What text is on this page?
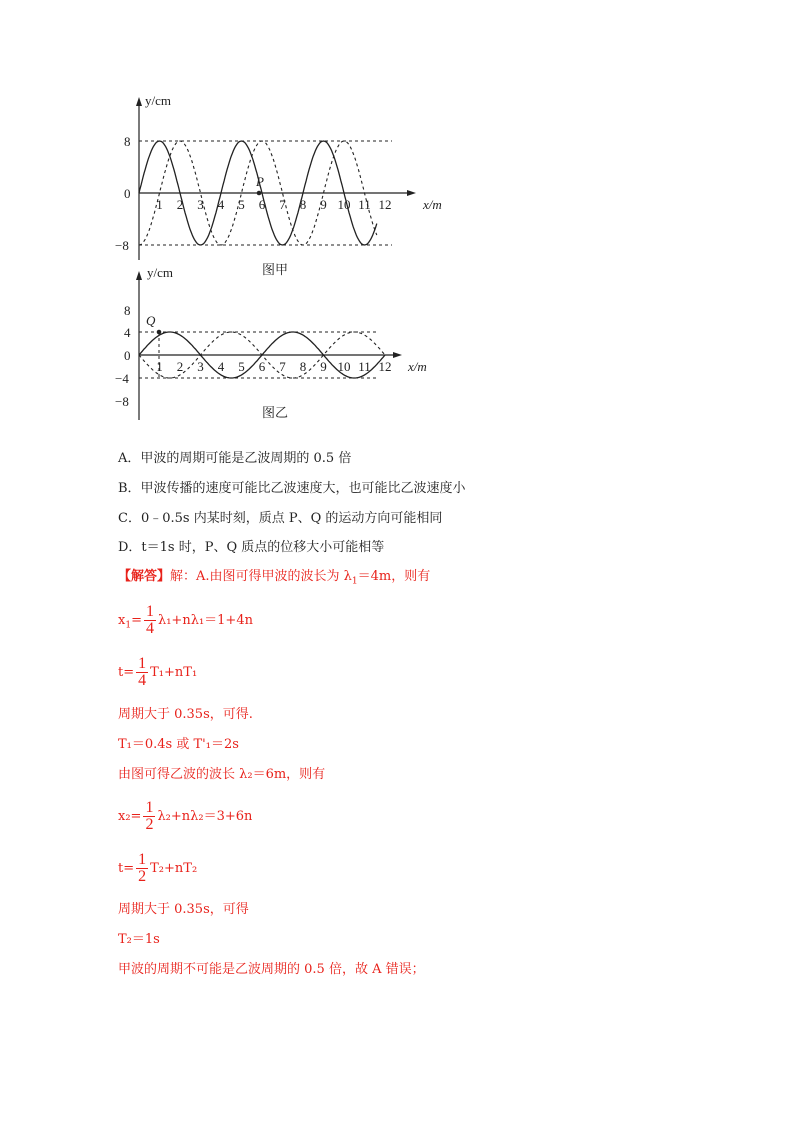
P
y/cm
x/m
8
0
−8
1 2 3 4 5 6 7 8 9 10 11 12
图甲
Q
y/cm
x/m
8
4
0
−4
−8
1 2 3 4 5 6 7 8 9 10 11 12
图乙
A．甲波的周期可能是乙波周期的 0.5 倍
B．甲波传播的速度可能比乙波速度大，也可能比乙波速度小
C．0﹣0.5s 内某时刻，质点 P、Q 的运动方向可能相同
D．t＝1s 时，P、Q 质点的位移大小可能相等
【解答】解：A.由图可得甲波的波长为 $\lambda_1=4m$，则有
$x_1= \frac{1}{4} \lambda_1+n\lambda_1=1+4n$
$t= \frac{1}{4} T_1+nT_1$
周期大于 0.35s，可得.
T₁＝0.4s 或 T'₁＝2s
由图可得乙波的波长 λ₂＝6m，则有
$x_2= \frac{1}{2} \lambda_2+n\lambda_2=3+6n$
$t= \frac{1}{2} T_2+nT_2$
周期大于 0.35s，可得
T₂＝1s
甲波的周期不可能是乙波周期的 0.5 倍，故 A 错误；
